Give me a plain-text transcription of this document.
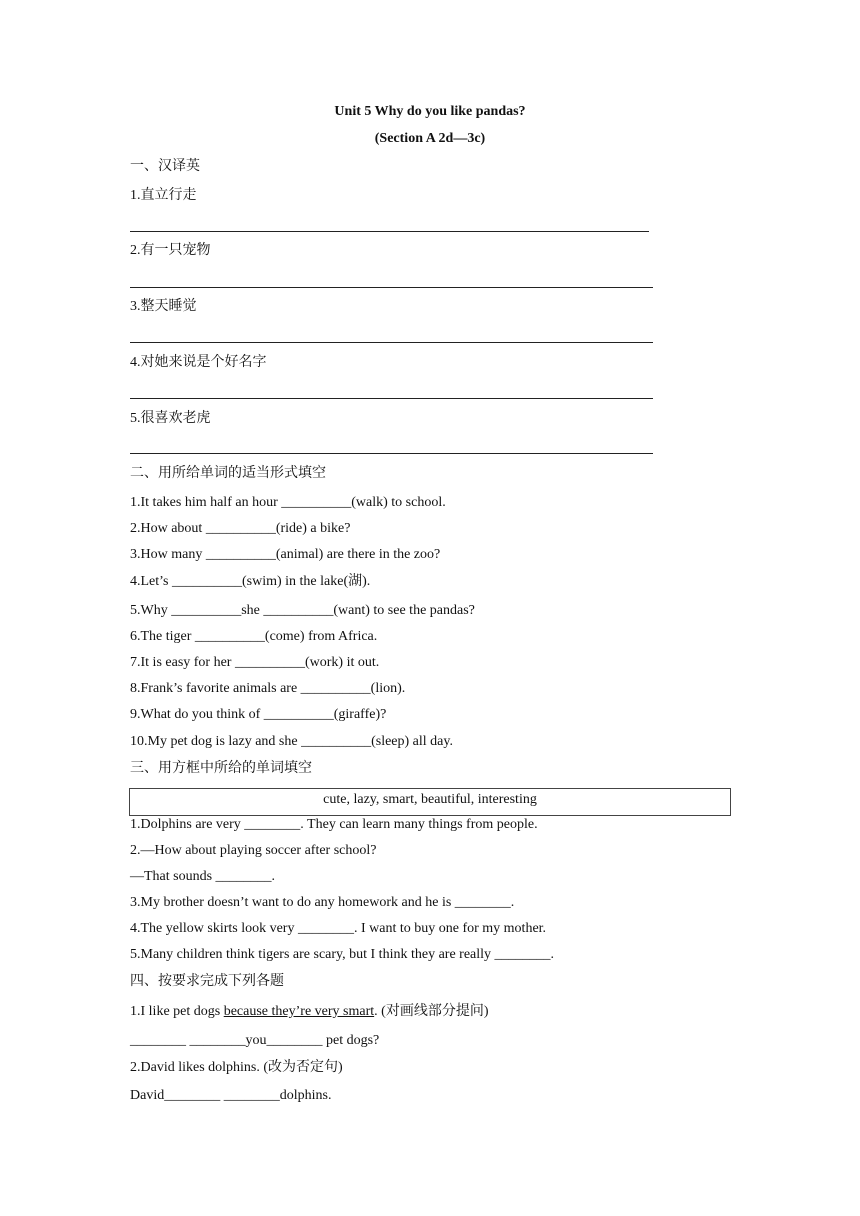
Unit 5 Why do you like pandas?
(Section A 2d—3c)
一、汉译英
1.直立行走
2.有一只宠物
3.整天睡觉
4.对她来说是个好名字
5.很喜欢老虎
二、用所给单词的适当形式填空
1.It takes him half an hour __________(walk) to school.
2.How about __________(ride) a bike?
3.How many __________(animal) are there in the zoo?
4.Let’s __________(swim) in the lake(湖).
5.Why __________she __________(want) to see the pandas?
6.The tiger __________(come) from Africa.
7.It is easy for her __________(work) it out.
8.Frank’s favorite animals are __________(lion).
9.What do you think of __________(giraffe)?
10.My pet dog is lazy and she __________(sleep) all day.
三、用方框中所给的单词填空
cute, lazy, smart, beautiful, interesting
1.Dolphins are very ________. They can learn many things from people.
2.—How about playing soccer after school?
—That sounds ________.
3.My brother doesn’t want to do any homework and he is ________.
4.The yellow skirts look very ________. I want to buy one for my mother.
5.Many children think tigers are scary, but I think they are really ________.
四、按要求完成下列各题
1.I like pet dogs because they’re very smart. (对画线部分提问)
________ ________you________ pet dogs?
2.David likes dolphins. (改为否定句)
David________ ________dolphins.
